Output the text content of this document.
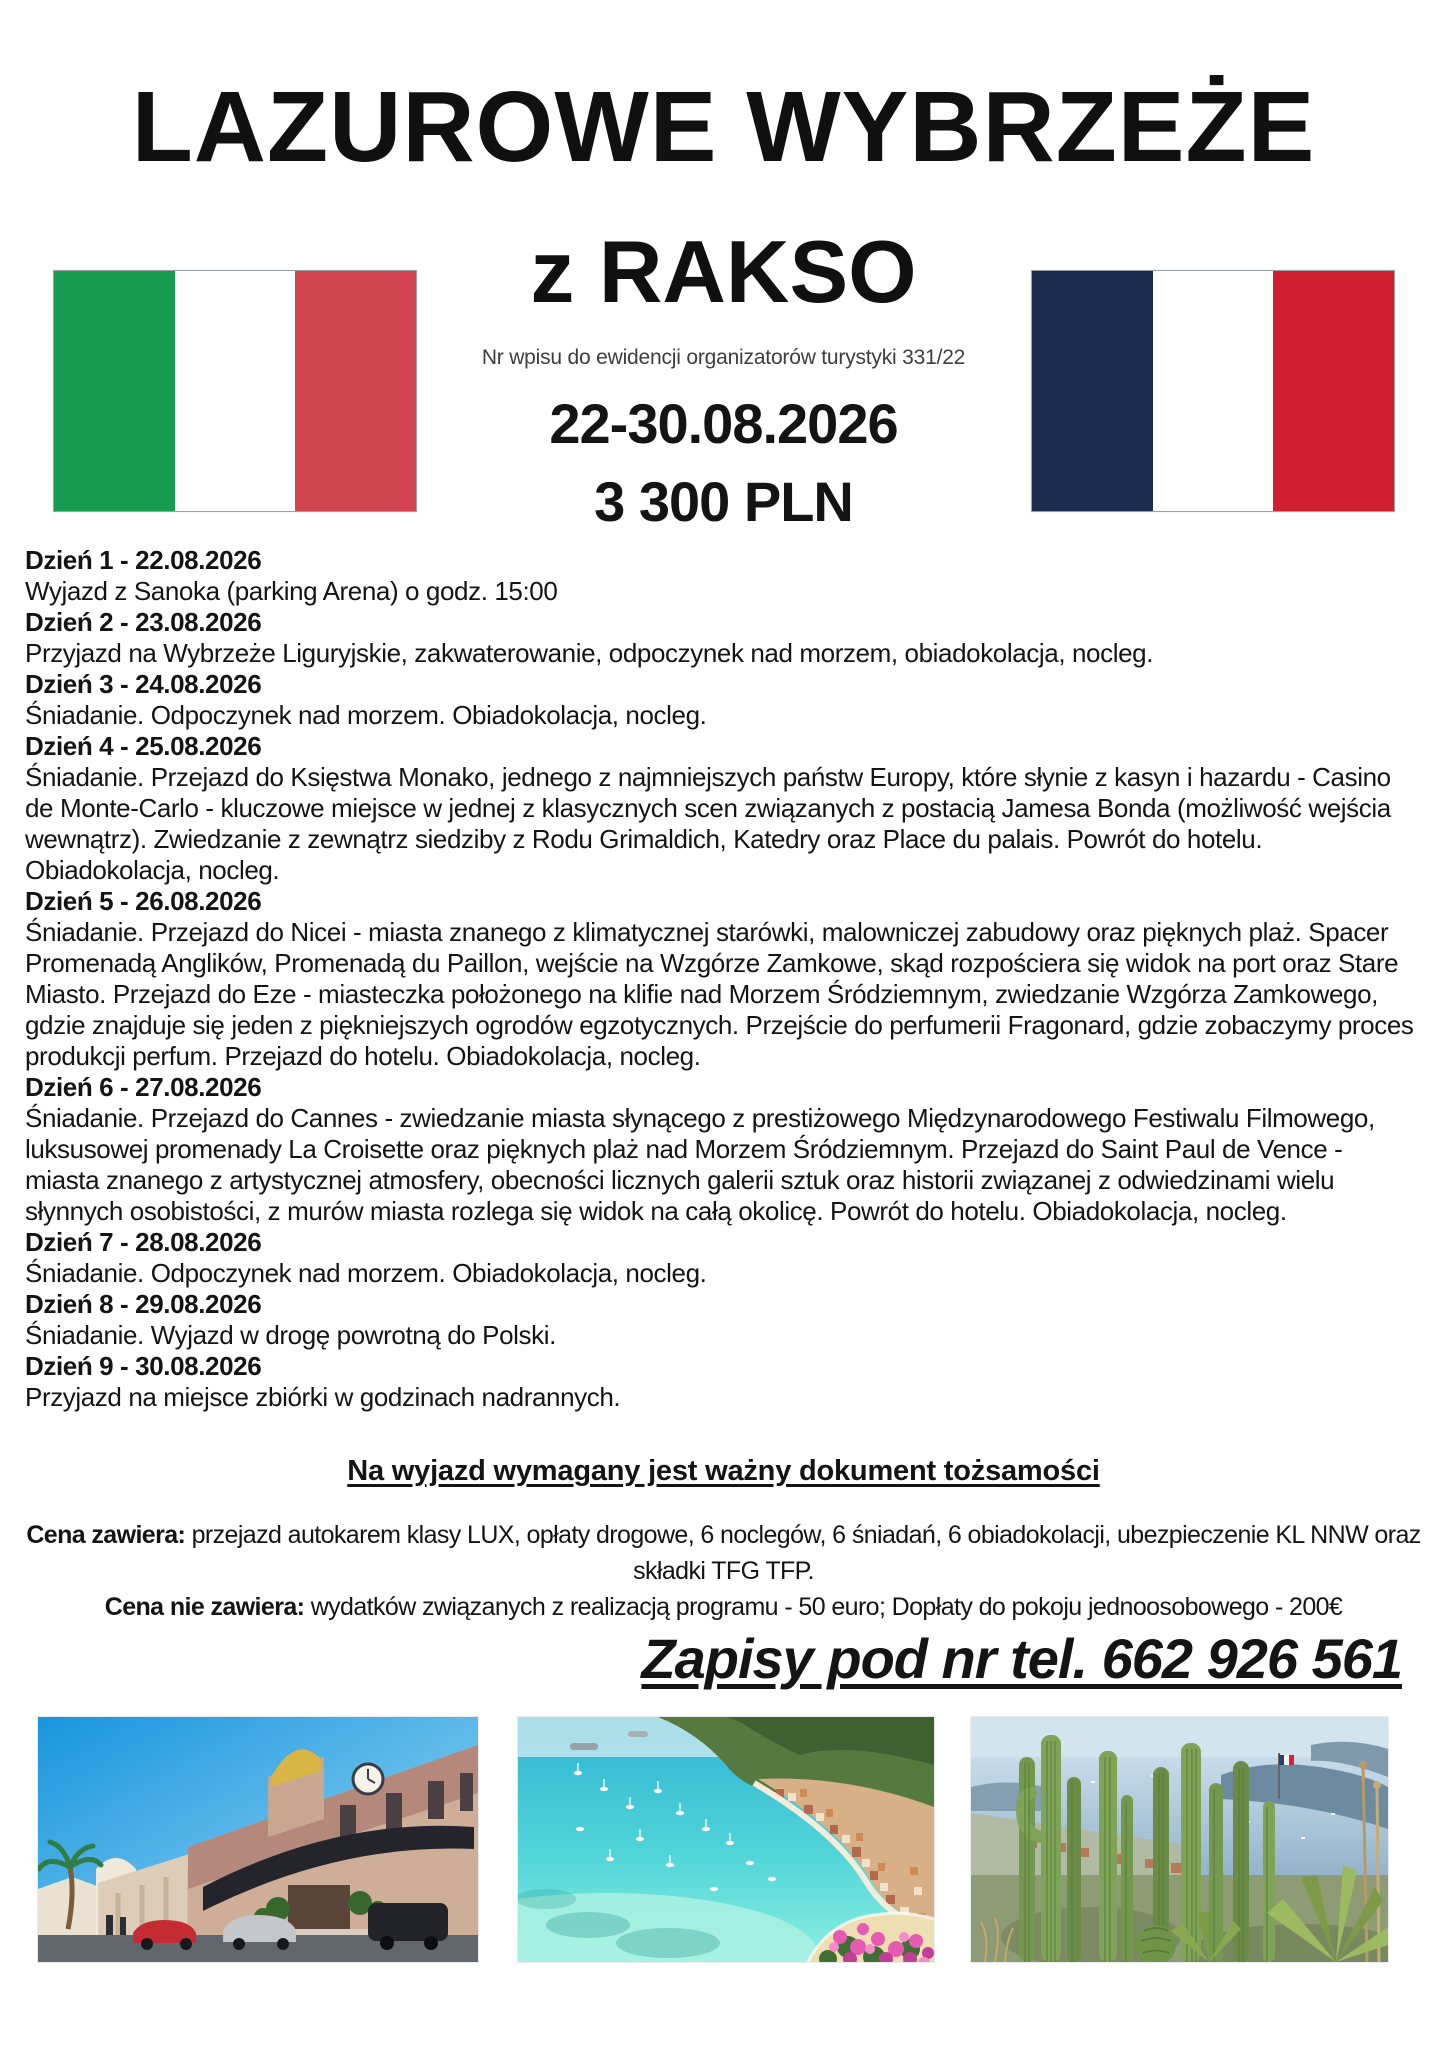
LAZUROWE WYBRZEŻE
z RAKSO
Nr wpisu do ewidencji organizatorów turystyki 331/22
22-30.08.2026
3 300 PLN
Dzień 1 - 22.08.2026
Wyjazd z Sanoka (parking Arena) o godz. 15:00
Dzień 2 - 23.08.2026
Przyjazd na Wybrzeże Liguryjskie, zakwaterowanie, odpoczynek nad morzem, obiadokolacja, nocleg.
Dzień 3 - 24.08.2026
Śniadanie. Odpoczynek nad morzem. Obiadokolacja, nocleg.
Dzień 4 - 25.08.2026
Śniadanie. Przejazd do Księstwa Monako, jednego z najmniejszych państw Europy, które słynie z kasyn i hazardu - Casino de Monte-Carlo - kluczowe miejsce w jednej z klasycznych scen związanych z postacią Jamesa Bonda (możliwość wejścia wewnątrz). Zwiedzanie z zewnątrz siedziby z Rodu Grimaldich, Katedry oraz Place du palais. Powrót do hotelu. Obiadokolacja, nocleg.
Dzień 5 - 26.08.2026
Śniadanie. Przejazd do Nicei - miasta znanego z klimatycznej starówki, malowniczej zabudowy oraz pięknych plaż. Spacer Promenadą Anglików, Promenadą du Paillon, wejście na Wzgórze Zamkowe, skąd rozpościera się widok na port oraz Stare Miasto. Przejazd do Eze - miasteczka położonego na klifie nad Morzem Śródziemnym, zwiedzanie Wzgórza Zamkowego, gdzie znajduje się jeden z piękniejszych ogrodów egzotycznych. Przejście do perfumerii Fragonard, gdzie zobaczymy proces produkcji perfum. Przejazd do hotelu. Obiadokolacja, nocleg.
Dzień 6 - 27.08.2026
Śniadanie. Przejazd do Cannes - zwiedzanie miasta słynącego z prestiżowego Międzynarodowego Festiwalu Filmowego, luksusowej promenady La Croisette oraz pięknych plaż nad Morzem Śródziemnym. Przejazd do Saint Paul de Vence - miasta znanego z artystycznej atmosfery, obecności licznych galerii sztuk oraz historii związanej z odwiedzinami wielu słynnych osobistości, z murów miasta rozlega się widok na całą okolicę. Powrót do hotelu. Obiadokolacja, nocleg.
Dzień 7 - 28.08.2026
Śniadanie. Odpoczynek nad morzem. Obiadokolacja, nocleg.
Dzień 8 - 29.08.2026
Śniadanie. Wyjazd w drogę powrotną do Polski.
Dzień 9 - 30.08.2026
Przyjazd na miejsce zbiórki w godzinach nadrannych.
Na wyjazd wymagany jest ważny dokument tożsamości
Cena zawiera: przejazd autokarem klasy LUX, opłaty drogowe, 6 noclegów, 6 śniadań, 6 obiadokolacji, ubezpieczenie KL NNW oraz składki TFG TFP.
Cena nie zawiera: wydatków związanych z realizacją programu - 50 euro; Dopłaty do pokoju jednoosobowego - 200€
Zapisy pod nr tel. 662 926 561
